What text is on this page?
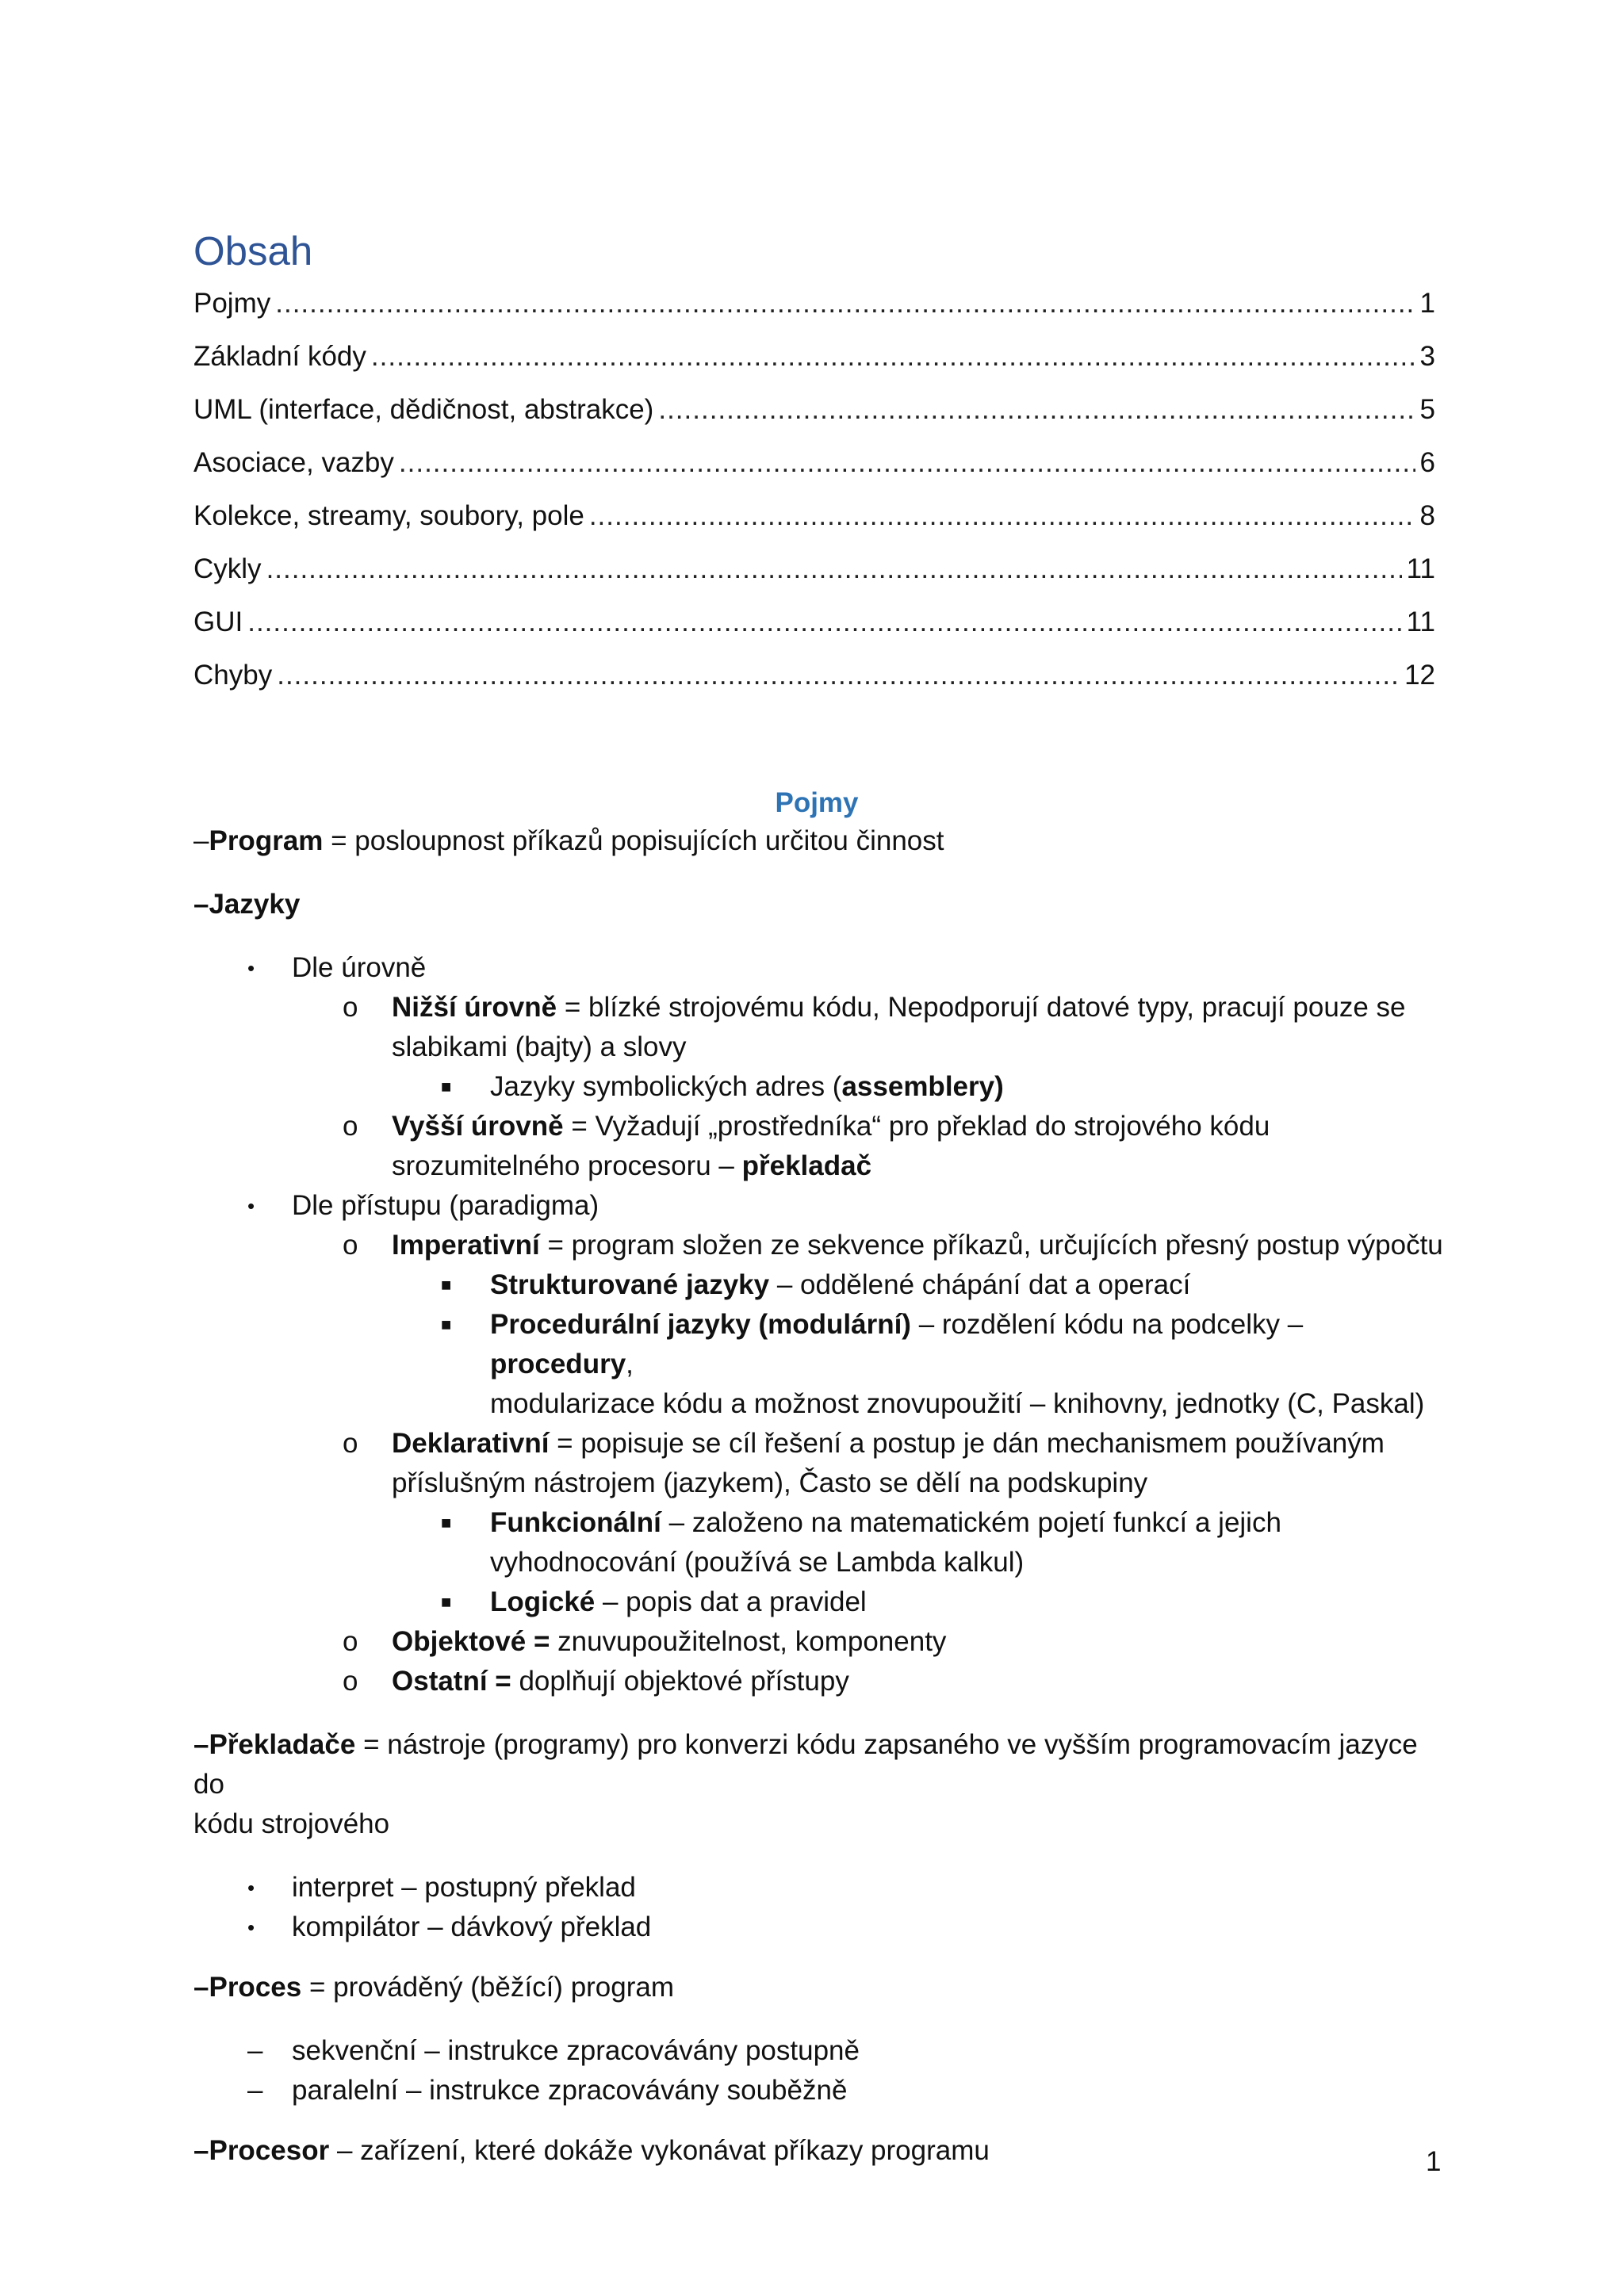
Obsah
Pojmy .....	1
Základní kódy .....	3
UML (interface, dědičnost, abstrakce) .....	5
Asociace, vazby .....	6
Kolekce, streamy, soubory, pole .....	8
Cykly .....	11
GUI .....	11
Chyby .....	12
Pojmy

–Program = posloupnost příkazů popisujících určitou činnost

–Jazyky

• Dle úrovně
o Nižší úrovně = blízké strojovému kódu, Nepodporují datové typy, pracují pouze se
slabikami (bajty) a slovy
■ Jazyky symbolických adres (assemblery)
o Vyšší úrovně = Vyžadují „prostředníka“ pro překlad do strojového kódu
srozumitelného procesoru – překladač
• Dle přístupu (paradigma)
o Imperativní = program složen ze sekvence příkazů, určujících přesný postup výpočtu
■ Strukturované jazyky – oddělené chápání dat a operací
■ Procedurální jazyky (modulární) – rozdělení kódu na podcelky – procedury,
modularizace kódu a možnost znovupoužití – knihovny, jednotky (C, Paskal)
o Deklarativní = popisuje se cíl řešení a postup je dán mechanismem používaným
příslušným nástrojem (jazykem), Často se dělí na podskupiny
■ Funkcionální – založeno na matematickém pojetí funkcí a jejich
vyhodnocování (používá se Lambda kalkul)
■ Logické – popis dat a pravidel
o Objektové = znuvupoužitelnost, komponenty
o Ostatní = doplňují objektové přístupy

–Překladače = nástroje (programy) pro konverzi kódu zapsaného ve vyšším programovacím jazyce do

kódu strojového

• interpret – postupný překlad
• kompilátor – dávkový překlad

–Proces = prováděný (běžící) program

– sekvenční – instrukce zpracovávány postupně
– paralelní – instrukce zpracovávány souběžně

–Procesor – zařízení, které dokáže vykonávat příkazy programu	1
